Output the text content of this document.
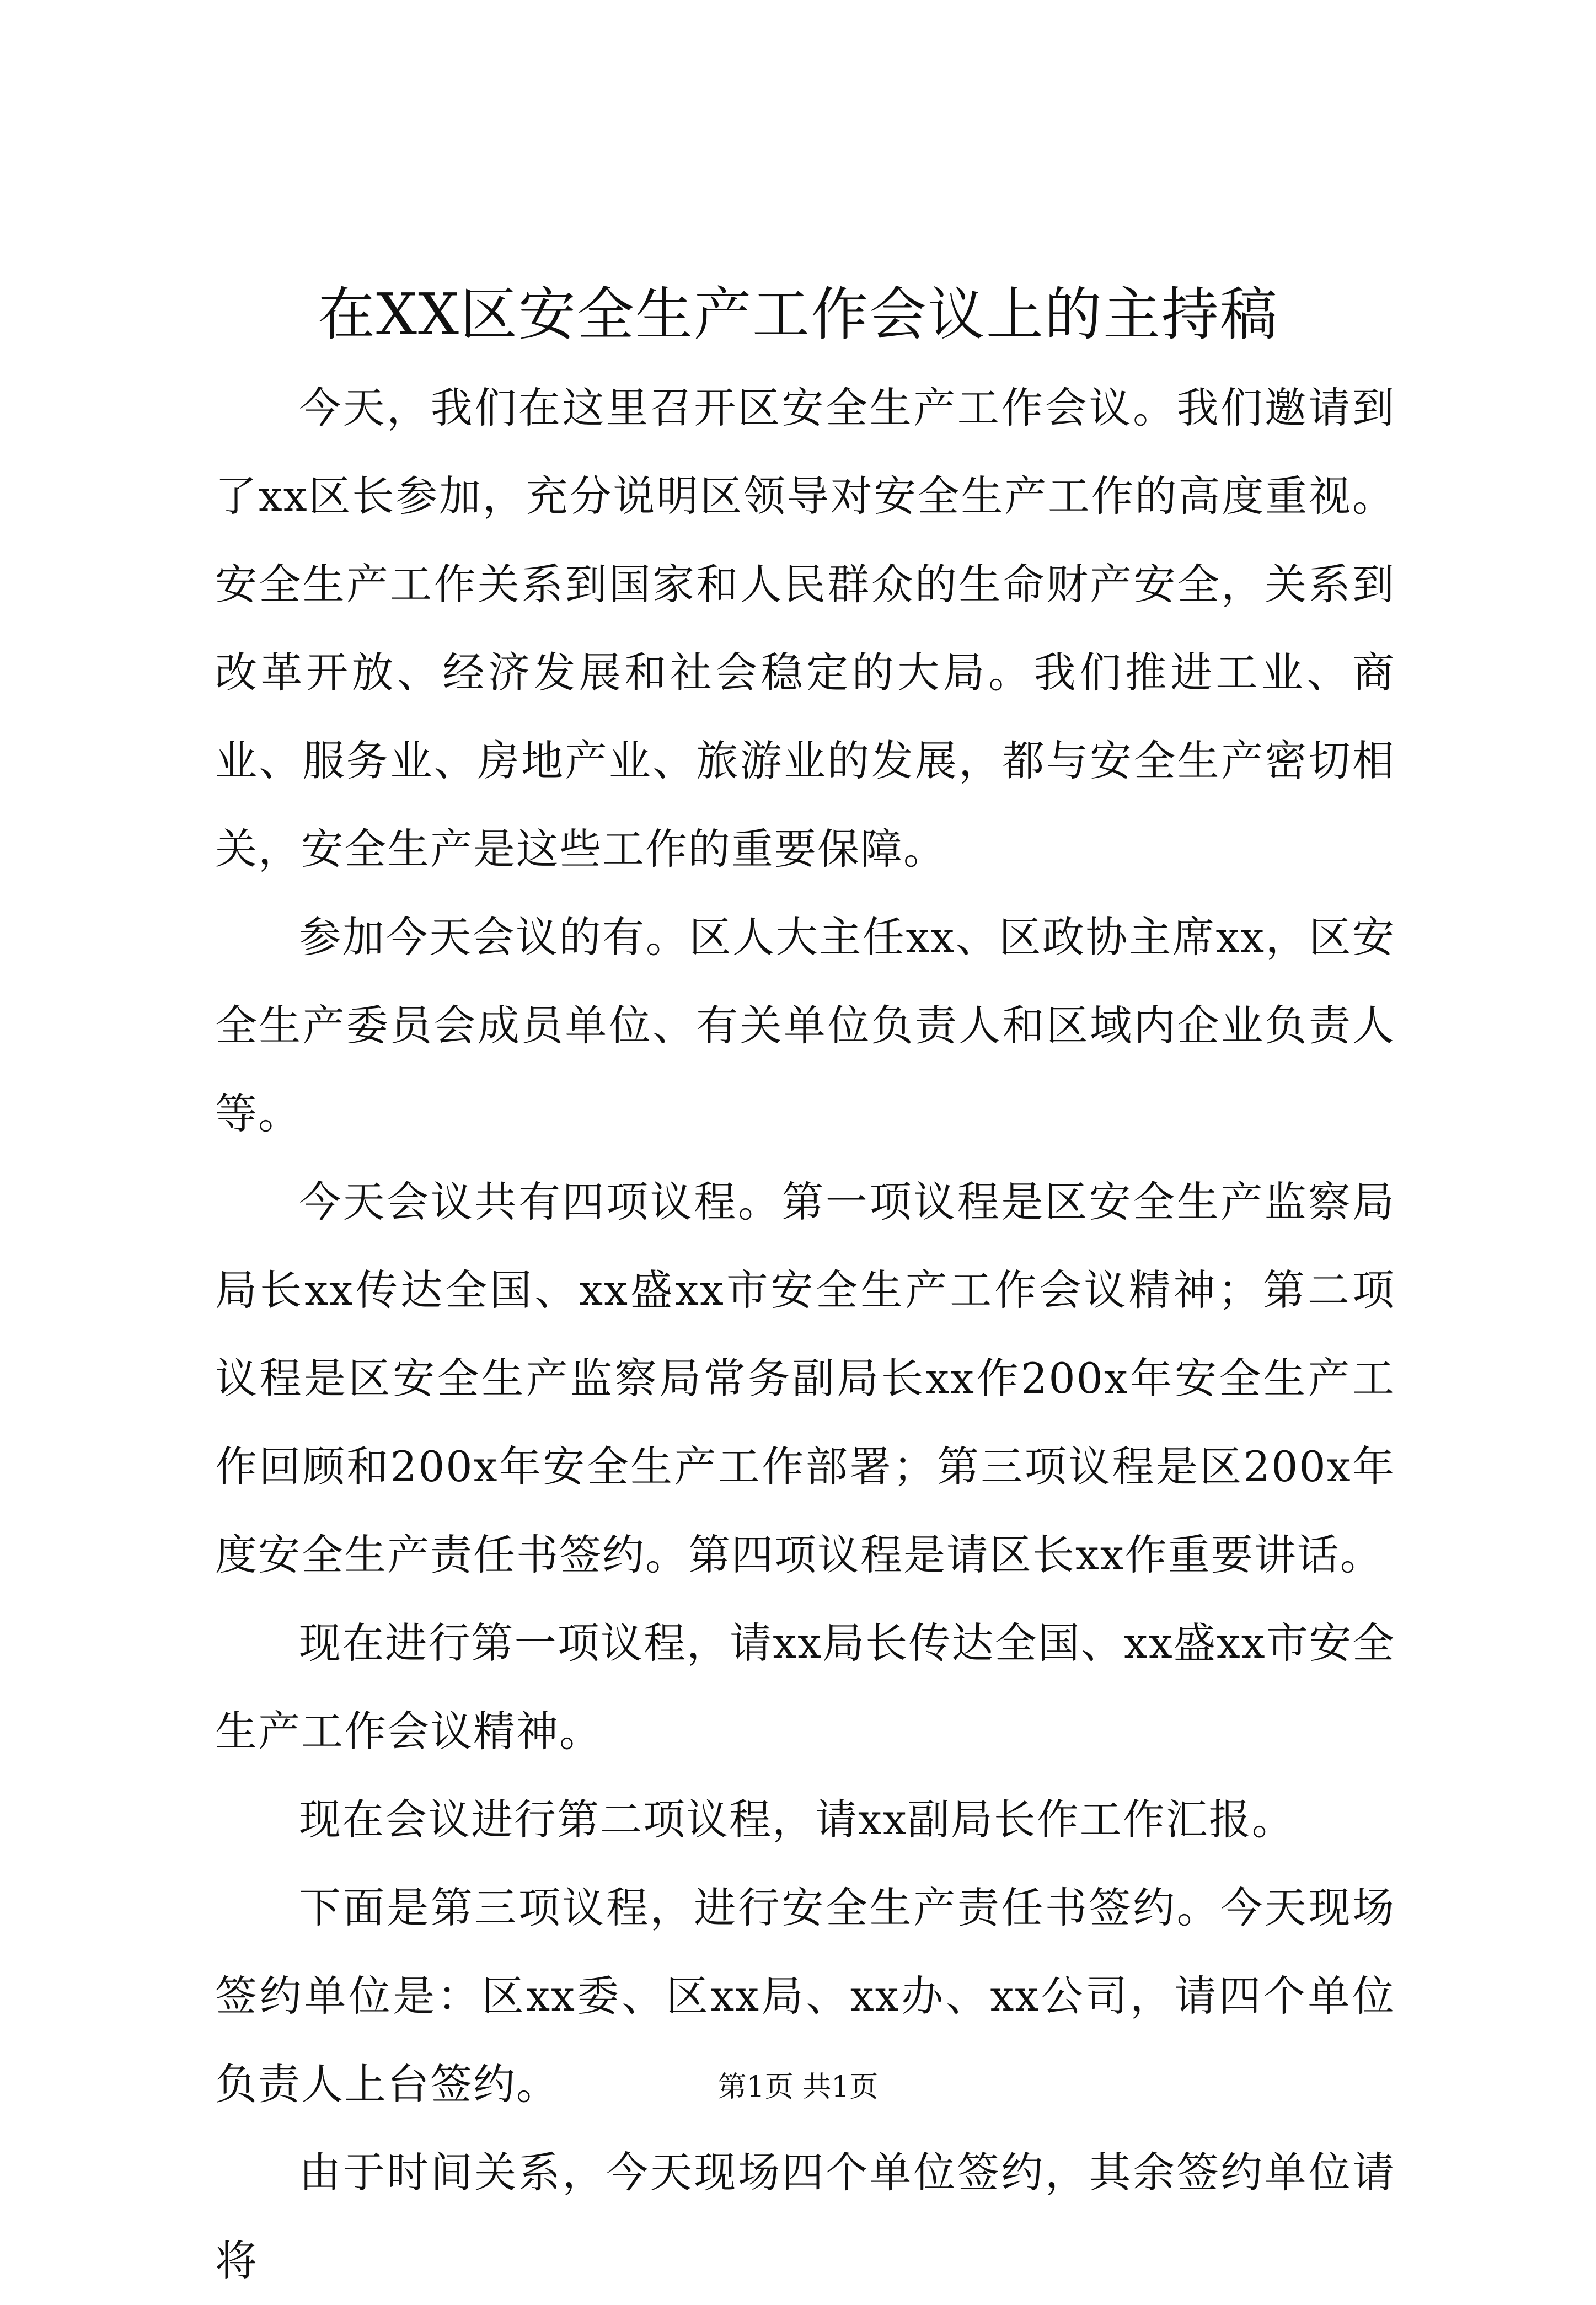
在XX区安全生产工作会议上的主持稿

今天，我们在这里召开区安全生产工作会议。我们邀请到了xx区长参加，充分说明区领导对安全生产工作的高度重视。安全生产工作关系到国家和人民群众的生命财产安全，关系到改革开放、经济发展和社会稳定的大局。我们推进工业、商业、服务业、房地产业、旅游业的发展，都与安全生产密切相关，安全生产是这些工作的重要保障。

参加今天会议的有。区人大主任xx、区政协主席xx，区安全生产委员会成员单位、有关单位负责人和区域内企业负责人等。

今天会议共有四项议程。第一项议程是区安全生产监察局局长xx传达全国、xx盛xx市安全生产工作会议精神；第二项议程是区安全生产监察局常务副局长xx作200x年安全生产工作回顾和200x年安全生产工作部署；第三项议程是区200x年度安全生产责任书签约。第四项议程是请区长xx作重要讲话。

现在进行第一项议程，请xx局长传达全国、xx盛xx市安全生产工作会议精神。

现在会议进行第二项议程，请xx副局长作工作汇报。

下面是第三项议程，进行安全生产责任书签约。今天现场签约单位是：区xx委、区xx局、xx办、xx公司，请四个单位负责人上台签约。

由于时间关系，今天现场四个单位签约，其余签约单位请将

第1页 共1页
